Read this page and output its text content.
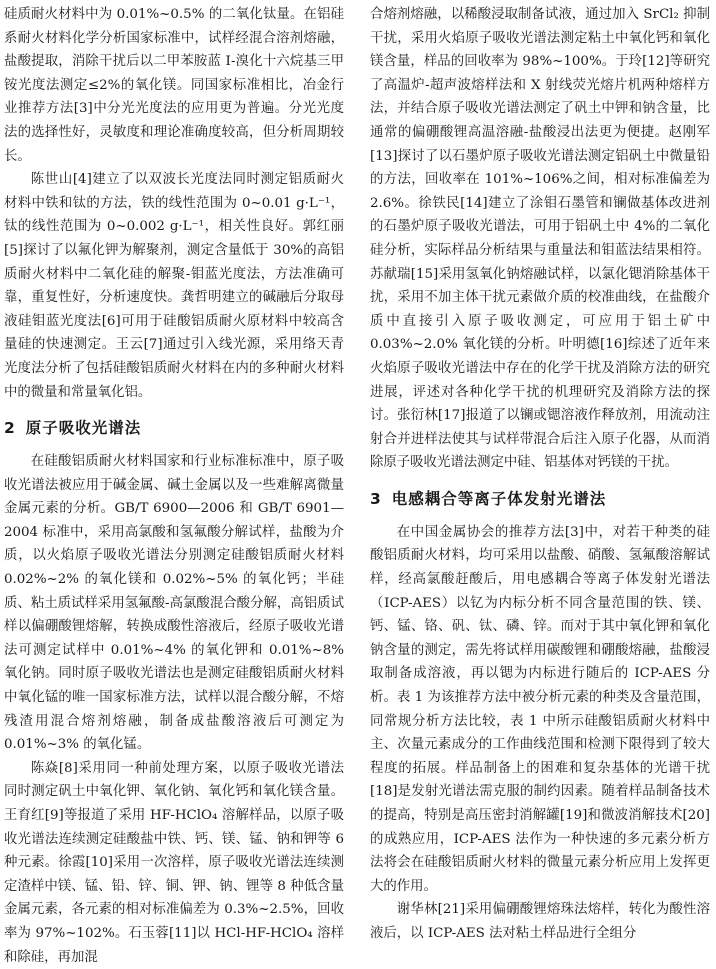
硅质耐火材料中为 0.01%~0.5% 的二氧化钛量。在铝硅系耐火材料化学分析国家标准中，试样经混合溶剂熔融，盐酸提取，消除干扰后以二甲苯胺蓝 Ⅰ-溴化十六烷基三甲铵光度法测定≤2%的氧化镁。同国家标准相比，冶金行业推荐方法[3]中分光光度法的应用更为普遍。分光光度法的选择性好，灵敏度和理论准确度较高，但分析周期较长。

陈世山[4]建立了以双波长光度法同时测定铝质耐火材料中铁和钛的方法，铁的线性范围为 0~0.01 g·L⁻¹，钛的线性范围为 0~0.002 g·L⁻¹，相关性良好。郭红丽[5]探讨了以氟化钾为解聚剂，测定含量低于 30%的高铝质耐火材料中二氧化硅的解聚-钼蓝光度法，方法准确可靠，重复性好，分析速度快。龚哲明建立的碱融后分取母液硅钼蓝光度法[6]可用于硅酸铝质耐火原材料中较高含量硅的快速测定。王云[7]通过引入线光源，采用络天青光度法分析了包括硅酸铝质耐火材料在内的多种耐火材料中的微量和常量氧化铝。

2 原子吸收光谱法

在硅酸铝质耐火材料国家和行业标准标准中，原子吸收光谱法被应用于碱金属、碱土金属以及一些难解离微量金属元素的分析。GB/T 6900—2006 和 GB/T 6901—2004 标准中，采用高氯酸和氢氟酸分解试样，盐酸为介质，以火焰原子吸收光谱法分别测定硅酸铝质耐火材料 0.02%~2% 的氧化镁和 0.02%~5% 的氧化钙；半硅质、粘土质试样采用氢氟酸-高氯酸混合酸分解，高铝质试样以偏硼酸锂熔解，转换成酸性溶液后，经原子吸收光谱法可测定试样中 0.01%~4% 的氧化钾和 0.01%~8% 氧化钠。同时原子吸收光谱法也是测定硅酸铝质耐火材料中氧化锰的唯一国家标准方法，试样以混合酸分解，不熔残渣用混合熔剂熔融，制备成盐酸溶液后可测定为 0.01%~3% 的氧化锰。

陈焱[8]采用同一种前处理方案，以原子吸收光谱法同时测定矾土中氧化钾、氧化钠、氧化钙和氧化镁含量。王育红[9]等报道了采用 HF-HClO₄ 溶解样品，以原子吸收光谱法连续测定硅酸盐中铁、钙、镁、锰、钠和钾等 6 种元素。徐霞[10]采用一次溶样，原子吸收光谱法连续测定渣样中镁、锰、铅、锌、铜、钾、钠、锂等 8 种低含量金属元素，各元素的相对标准偏差为 0.3%~2.5%，回收率为 97%~102%。石玉蓉[11]以 HCl-HF-HClO₄ 溶样和除硅，再加混

合熔剂熔融，以稀酸浸取制备试液，通过加入 SrCl₂ 抑制干扰，采用火焰原子吸收光谱法测定粘土中氧化钙和氧化镁含量，样品的回收率为 98%~100%。于玲[12]等研究了高温炉-超声波熔样法和 X 射线荧光熔片机两种熔样方法，并结合原子吸收光谱法测定了矾土中钾和钠含量，比通常的偏硼酸锂高温溶融-盐酸浸出法更为便捷。赵刚军[13]探讨了以石墨炉原子吸收光谱法测定铝矾土中微量铅的方法，回收率在 101%~106%之间，相对标准偏差为 2.6%。徐铁民[14]建立了涂钼石墨管和镧做基体改进剂的石墨炉原子吸收光谱法，可用于铝矾土中 4%的二氧化硅分析，实际样品分析结果与重量法和钼蓝法结果相符。苏献瑞[15]采用氢氧化钠熔融试样，以氯化锶消除基体干扰，采用不加主体干扰元素做介质的校准曲线，在盐酸介质中直接引入原子吸收测定，可应用于铝土矿中 0.03%~2.0% 氧化镁的分析。叶明德[16]综述了近年来火焰原子吸收光谱法中存在的化学干扰及消除方法的研究进展，评述对各种化学干扰的机理研究及消除方法的探讨。张衍林[17]报道了以镧或锶溶液作释放剂，用流动注射合并进样法使其与试样带混合后注入原子化器，从而消除原子吸收光谱法测定中硅、铝基体对钙镁的干扰。

3 电感耦合等离子体发射光谱法

在中国金属协会的推荐方法[3]中，对若干种类的硅酸铝质耐火材料，均可采用以盐酸、硝酸、氢氟酸溶解试样，经高氯酸赶酸后，用电感耦合等离子体发射光谱法（ICP-AES）以钇为内标分析不同含量范围的铁、镁、钙、锰、铬、矾、钛、磷、锌。而对于其中氧化钾和氧化钠含量的测定，需先将试样用碳酸锂和硼酸熔融，盐酸浸取制备成溶液，再以锶为内标进行随后的 ICP-AES 分析。表 1 为该推荐方法中被分析元素的种类及含量范围，同常规分析方法比较，表 1 中所示硅酸铝质耐火材料中主、次量元素成分的工作曲线范围和检测下限得到了较大程度的拓展。样品制备上的困难和复杂基体的光谱干扰[18]是发射光谱法需克服的制约因素。随着样品制备技术的提高，特别是高压密封消解罐[19]和微波消解技术[20]的成熟应用，ICP-AES 法作为一种快速的多元素分析方法将会在硅酸铝质耐火材料的微量元素分析应用上发挥更大的作用。

谢华林[21]采用偏硼酸锂熔珠法熔样，转化为酸性溶液后，以 ICP-AES 法对粘土样品进行全组分
